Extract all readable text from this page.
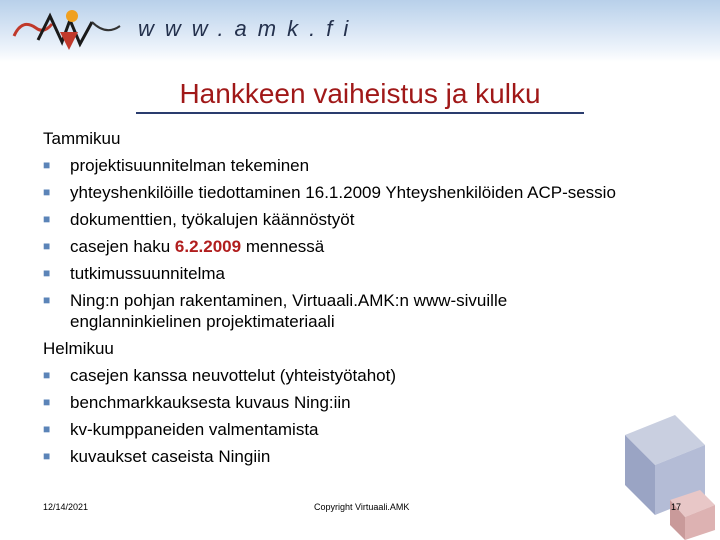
www.amk.fi
Hankkeen vaiheistus ja kulku
Tammikuu
■ projektisuunnitelman tekeminen
■ yhteyshenkilöille tiedottaminen 16.1.2009 Yhteyshenkilöiden ACP-sessio
■ dokumenttien, työkalujen käännöstyöt
■ casejen haku 6.2.2009 mennessä
■ tutkimussuunnitelma
■ Ning:n pohjan rakentaminen, Virtuaali.AMK:n www-sivuille englanninkielinen projektimateriaali
Helmikuu
■ casejen kanssa neuvottelut (yhteistyötahot)
■ benchmarkkauksesta kuvaus Ning:iin
■ kv-kumppaneiden valmentamista
■ kuvaukset caseista Ningiin
12/14/2021	Copyright Virtuaali.AMK	17
